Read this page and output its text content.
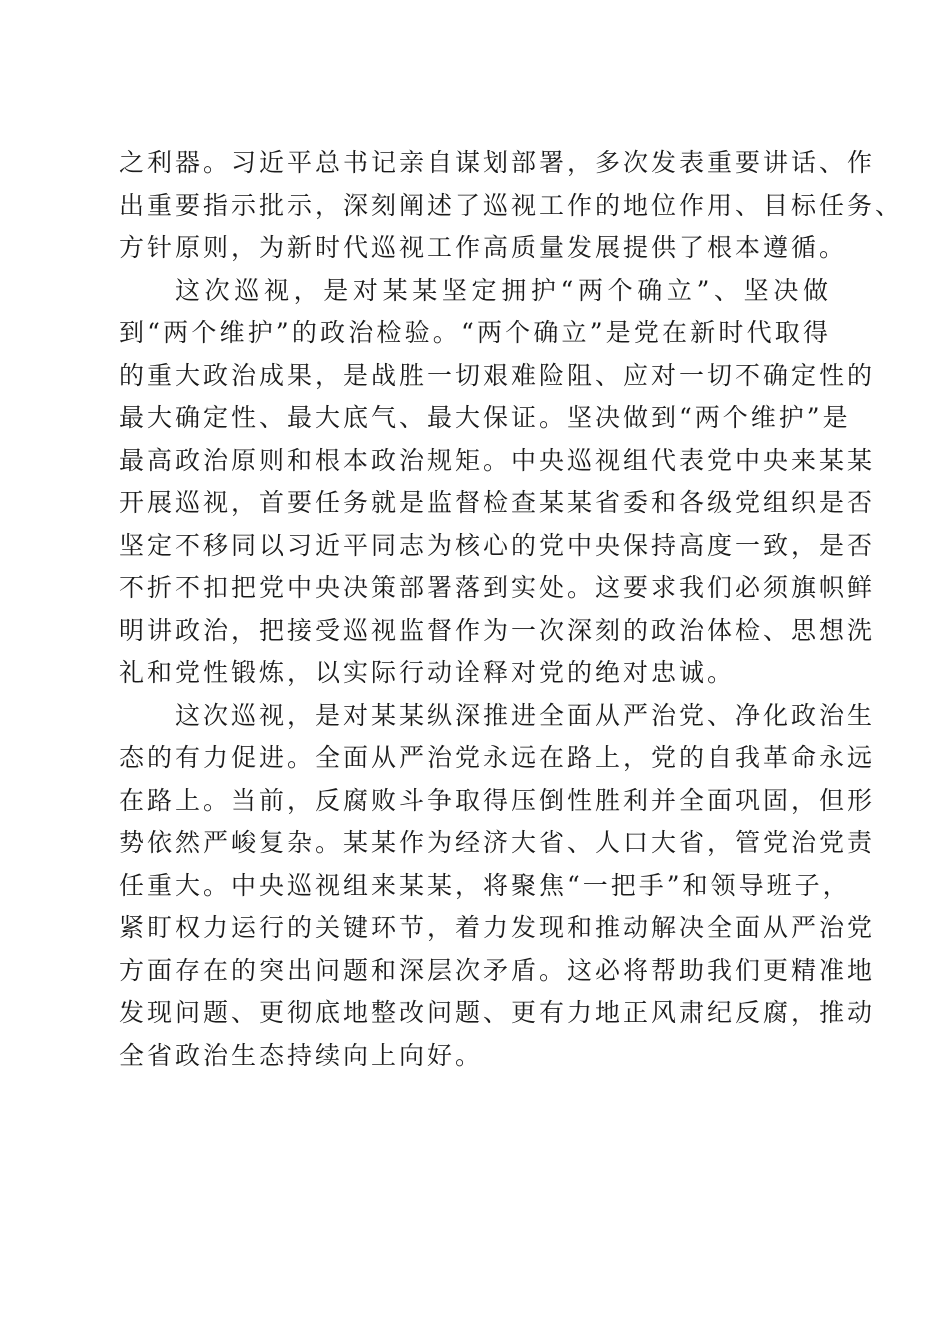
之利器。习近平总书记亲自谋划部署，多次发表重要讲话、作
出重要指示批示，深刻阐述了巡视工作的地位作用、目标任务、
方针原则，为新时代巡视工作高质量发展提供了根本遵循。

这次巡视，是对某某坚定拥护“两个确立”、坚决做
到“两个维护”的政治检验。“两个确立”是党在新时代取得
的重大政治成果，是战胜一切艰难险阻、应对一切不确定性的
最大确定性、最大底气、最大保证。坚决做到“两个维护”是
最高政治原则和根本政治规矩。中央巡视组代表党中央来某某
开展巡视，首要任务就是监督检查某某省委和各级党组织是否
坚定不移同以习近平同志为核心的党中央保持高度一致，是否
不折不扣把党中央决策部署落到实处。这要求我们必须旗帜鲜
明讲政治，把接受巡视监督作为一次深刻的政治体检、思想洗
礼和党性锻炼，以实际行动诠释对党的绝对忠诚。

这次巡视，是对某某纵深推进全面从严治党、净化政治生
态的有力促进。全面从严治党永远在路上，党的自我革命永远
在路上。当前，反腐败斗争取得压倒性胜利并全面巩固，但形
势依然严峻复杂。某某作为经济大省、人口大省，管党治党责
任重大。中央巡视组来某某，将聚焦“一把手”和领导班子，
紧盯权力运行的关键环节，着力发现和推动解决全面从严治党
方面存在的突出问题和深层次矛盾。这必将帮助我们更精准地
发现问题、更彻底地整改问题、更有力地正风肃纪反腐，推动
全省政治生态持续向上向好。
